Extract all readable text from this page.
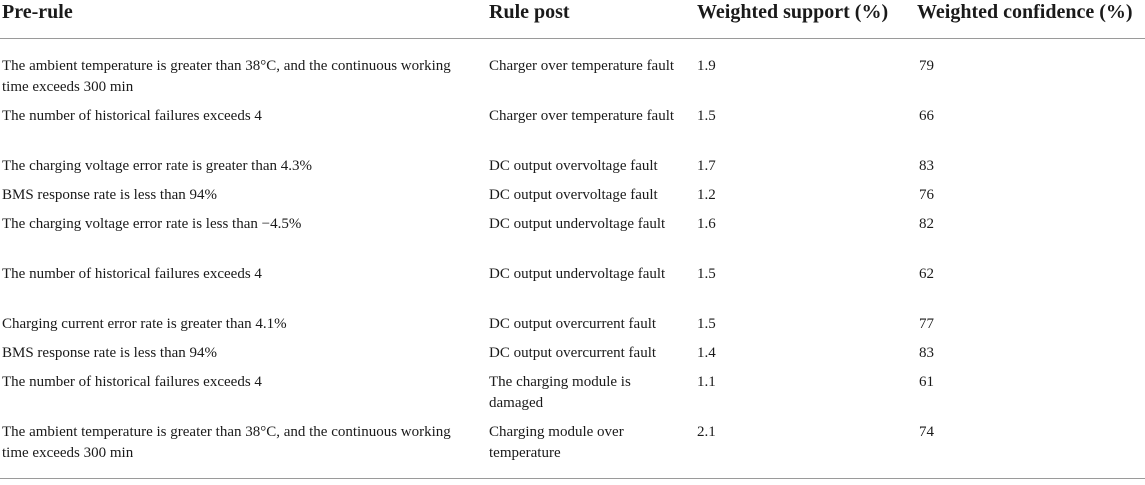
Pre-rule	Rule post	Weighted support (%)	Weighted confidence (%)

The ambient temperature is greater than 38°C, and the continuous working time exceeds 300 min	Charger over temperature fault	1.9	79
The number of historical failures exceeds 4	Charger over temperature fault	1.5	66
The charging voltage error rate is greater than 4.3%	DC output overvoltage fault	1.7	83
BMS response rate is less than 94%	DC output overvoltage fault	1.2	76
The charging voltage error rate is less than −4.5%	DC output undervoltage fault	1.6	82
The number of historical failures exceeds 4	DC output undervoltage fault	1.5	62
Charging current error rate is greater than 4.1%	DC output overcurrent fault	1.5	77
BMS response rate is less than 94%	DC output overcurrent fault	1.4	83
The number of historical failures exceeds 4	The charging module is damaged	1.1	61
The ambient temperature is greater than 38°C, and the continuous working time exceeds 300 min	Charging module over temperature	2.1	74
